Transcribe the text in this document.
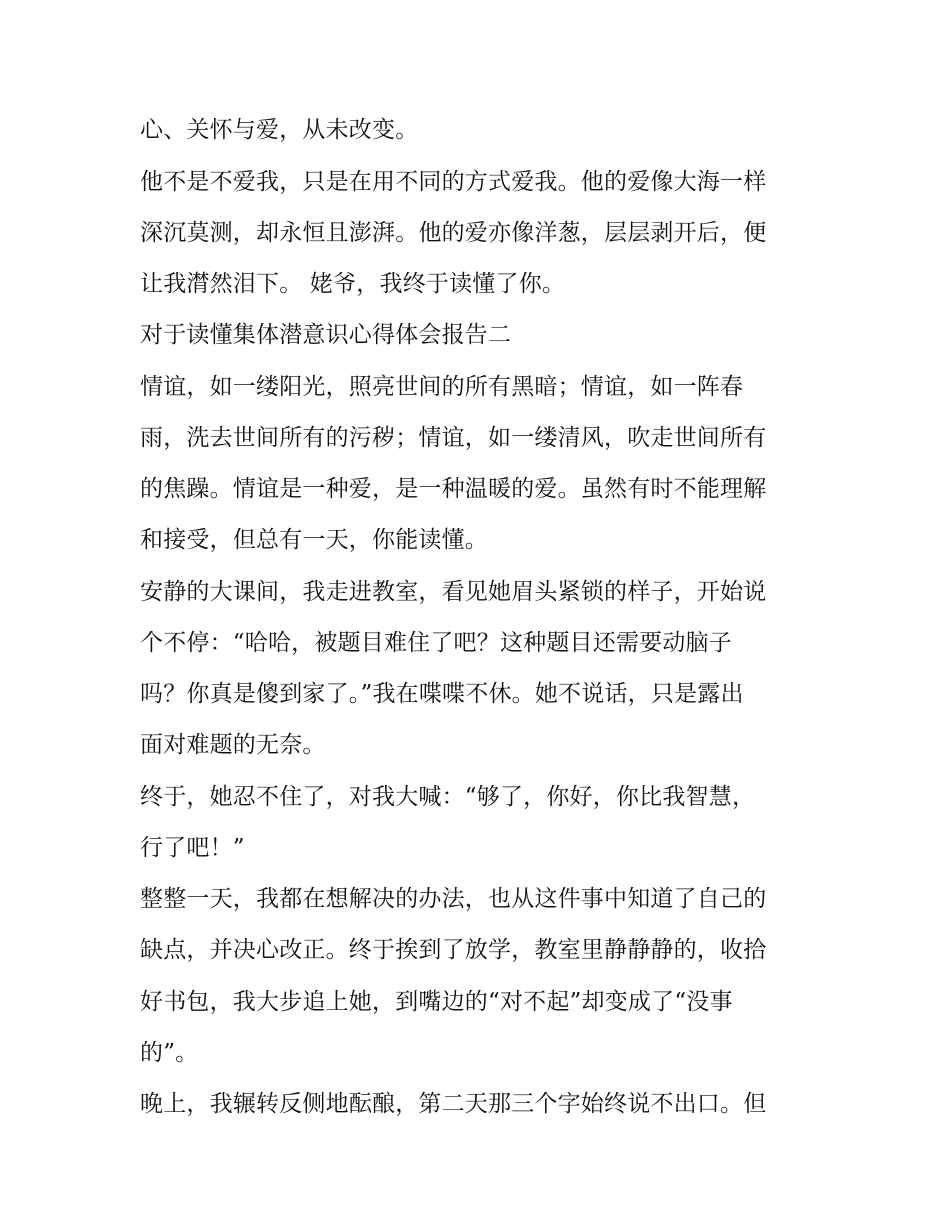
心、关怀与爱，从未改变。
他不是不爱我，只是在用不同的方式爱我。他的爱像大海一样
深沉莫测，却永恒且澎湃。他的爱亦像洋葱，层层剥开后，便
让我潸然泪下。 姥爷，我终于读懂了你。
对于读懂集体潜意识心得体会报告二
情谊，如一缕阳光，照亮世间的所有黑暗；情谊，如一阵春
雨，洗去世间所有的污秽；情谊，如一缕清风，吹走世间所有
的焦躁。情谊是一种爱，是一种温暖的爱。虽然有时不能理解
和接受，但总有一天，你能读懂。
安静的大课间，我走进教室，看见她眉头紧锁的样子，开始说
个不停：“哈哈，被题目难住了吧？这种题目还需要动脑子
吗？你真是傻到家了。”我在喋喋不休。她不说话，只是露出
面对难题的无奈。
终于，她忍不住了，对我大喊：“够了，你好，你比我智慧，
行了吧！”
整整一天，我都在想解决的办法，也从这件事中知道了自己的
缺点，并决心改正。终于挨到了放学，教室里静静静的，收拾
好书包，我大步追上她，到嘴边的“对不起”却变成了“没事
的”。
晚上，我辗转反侧地酝酿，第二天那三个字始终说不出口。但
